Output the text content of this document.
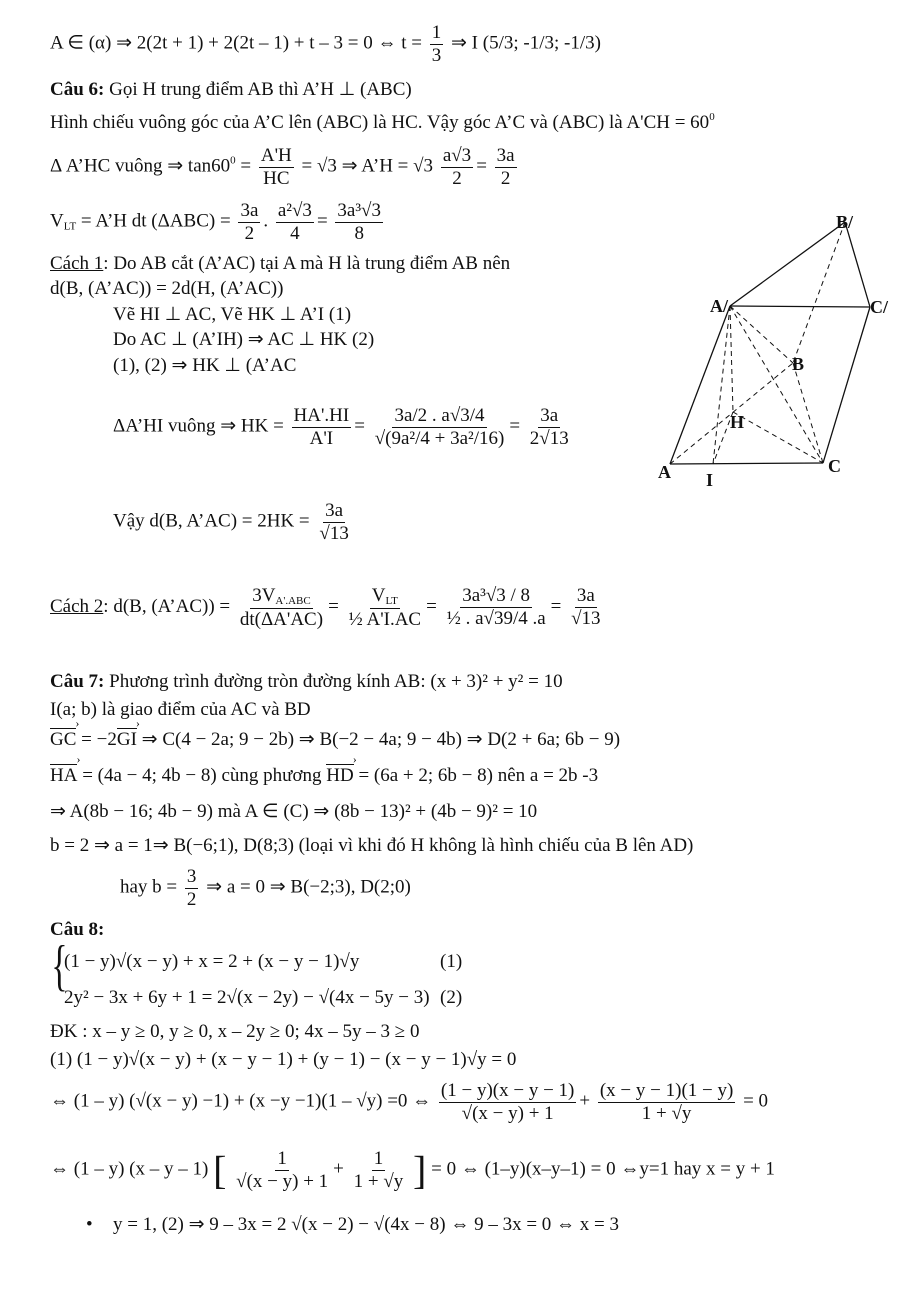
A ∈ (α) ⇒ 2(2t + 1) + 2(2t – 1) + t – 3 = 0 ⇔ $t = \frac{1}{3}$ ⇒ I (5/3; -1/3; -1/3)
Câu 6: Gọi H trung điểm AB thì A’H ⊥ (ABC)
Hình chiếu vuông góc của A’C lên (ABC) là HC. Vậy góc A’C và (ABC) là $A'CH = 60^0$
Δ A’HC vuông ⇒ $\tan 60^0 = \frac{A'H}{HC} = √3$ ⇒ A’H = $√3 \frac{a√3}{2} = \frac{3a}{2}$
$V_{LT}$ = A’H dt $(\Delta ABC) = \frac{3a}{2}$ . $\frac{\text{a²√3}}{4} = \frac{\text{3a³√3}}{8}$
Cách 1: Do AB cắt (A’AC) tại A mà H là trung điểm AB nên
d(B, (A’AC)) = 2d(H, (A’AC))
Vẽ HI ⊥ AC, Vẽ HK ⊥ A’I (1)
Do AC ⊥ (A’IH) ⇒ AC ⊥ HK (2)
(1), (2) ⇒ HK ⊥ (A’AC
ΔA’HI vuông ⇒ HK = $\frac{HA'.HI}{A'I} = \frac{3a/2 . a√3/4}{\text{√(9a²/4 + 3a²/16)}} = \frac{3a}{2√13}$
Vậy d(B, A’AC) = $2HK = \frac{3a}{√13}$
Cách 2: d(B, (A’AC)) = $\frac{3V_{A'.ABC}}{dt(\Delta A'AC)} = \frac{V_{LT}}{\text{½ A'I.AC}} = \frac{\text{3a³√3 / 8}}{\text{½ . a√39/4 .a}} = \frac{3a}{√13}$
B/
A/	C/
B
H
A I
C
Câu 7: Phương trình đường tròn đường kính AB: (x + 3)² + y² = 10
I(a; b) là giao điểm của AC và BD
GC › = −2GI › ⇒ C(4 − 2a; 9 − 2b) ⇒ B(−2 − 4a; 9 − 4b) ⇒ D(2 + 6a; 6b − 9)
HA › = (4a − 4; 4b − 8) cùng phương HD › = (6a + 2; 6b − 8) nên a = 2b -3
⇒ A(8b − 16; 4b − 9) mà A ∈ (C) ⇒ (8b − 13)² + (4b − 9)² = 10
b = 2 ⇒ a = 1⇒ B(−6;1), D(8;3) (loại vì khi đó H không là hình chiếu của B lên AD)
hay $b = \frac{3}{2}$ ⇒ a = 0 ⇒ B(−2;3), D(2;0)
Câu 8:
{
(1 − y)√(x − y) + x = 2 + (x − y − 1)√y	(1)
2y² − 3x + 6y + 1 = 2√(x − 2y) − √(4x − 5y − 3) (2)
ĐK : x – y ≥ 0, y ≥ 0, x – 2y ≥ 0; 4x – 5y – 3 ≥ 0
(1) (1 − y)√(x − y) + (x − y − 1) + (y − 1) − (x − y − 1)√y = 0
⇔ (1 – y) (√(x − y) −1) + (x −y −1)(1 – √y) =0 ⇔ $\frac{(1 - y)(x - y - 1)}{√(x - y) + 1} + \frac{(x - y - 1)(1 - y)}{1 + √y} = 0$
⇔ (1 – y) (x – y – 1) [ $\frac{1}{√(x - y) + 1} + \frac{1}{1 + √y}$ ] = 0 ⇔ (1–y)(x–y–1) = 0 ⇔y=1 hay x = y + 1
• y = 1, (2) ⇒ 9 – 3x = 2 √(x − 2) − √(4x − 8) ⇔ 9 – 3x = 0 ⇔ x = 3
